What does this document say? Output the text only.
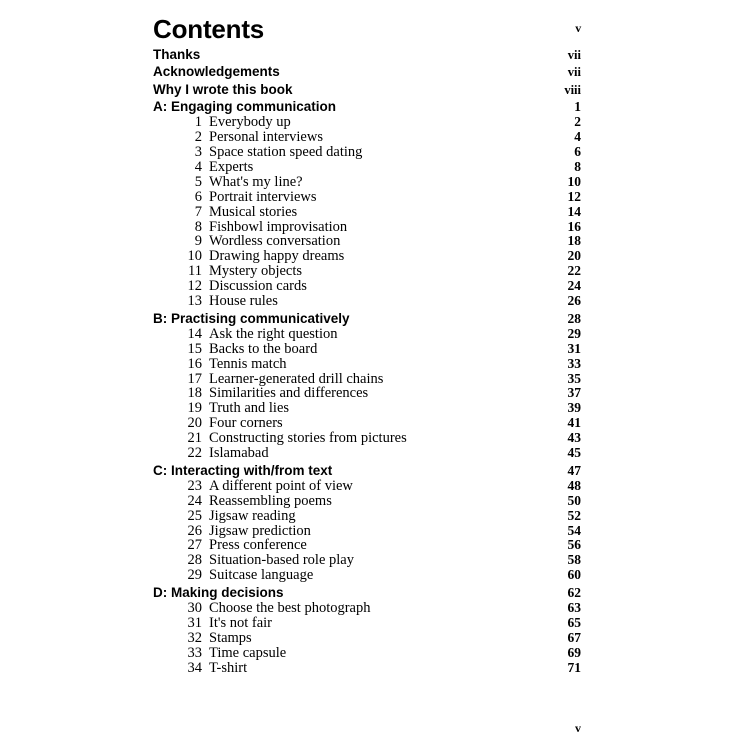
Contents	v
Thanks	vii
Acknowledgements	vii
Why I wrote this book	viii
A: Engaging communication	1
1 Everybody up	2
2 Personal interviews	4
3 Space station speed dating	6
4 Experts	8
5 What's my line?	10
6 Portrait interviews	12
7 Musical stories	14
8 Fishbowl improvisation	16
9 Wordless conversation	18
10 Drawing happy dreams	20
11 Mystery objects	22
12 Discussion cards	24
13 House rules	26
B: Practising communicatively	28
14 Ask the right question	29
15 Backs to the board	31
16 Tennis match	33
17 Learner-generated drill chains	35
18 Similarities and differences	37
19 Truth and lies	39
20 Four corners	41
21 Constructing stories from pictures	43
22 Islamabad	45
C: Interacting with/from text	47
23 A different point of view	48
24 Reassembling poems	50
25 Jigsaw reading	52
26 Jigsaw prediction	54
27 Press conference	56
28 Situation-based role play	58
29 Suitcase language	60
D: Making decisions	62
30 Choose the best photograph	63
31 It's not fair	65
32 Stamps	67
33 Time capsule	69
34 T-shirt	71
v
